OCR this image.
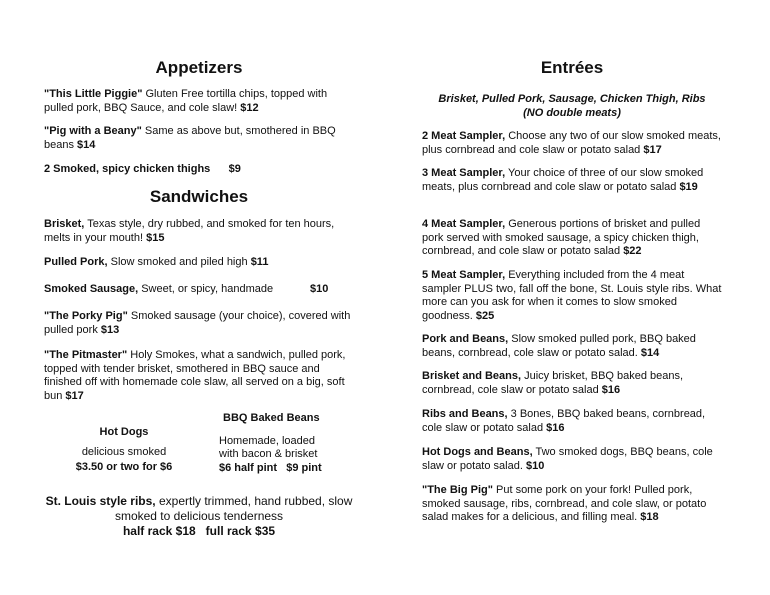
Appetizers
"This Little Piggie" Gluten Free tortilla chips, topped with pulled pork, BBQ Sauce, and cole slaw! $12
"Pig with a Beany" Same as above but, smothered in BBQ beans $14
2 Smoked, spicy chicken thighs $9
Sandwiches
Brisket, Texas style, dry rubbed, and smoked for ten hours, melts in your mouth! $15
Pulled Pork, Slow smoked and piled high $11
Smoked Sausage, Sweet, or spicy, handmade	$10
"The Porky Pig" Smoked sausage (your choice), covered with pulled pork $13
"The Pitmaster" Holy Smokes, what a sandwich, pulled pork, topped with tender brisket, smothered in BBQ sauce and finished off with homemade cole slaw, all served on a big, soft bun $17
Hot Dogs
delicious smoked
$3.50 or two for $6
BBQ Baked Beans
Homemade, loaded
with bacon & brisket
$6 half pint   $9 pint
St. Louis style ribs, expertly trimmed, hand rubbed, slow smoked to delicious tenderness
half rack $18   full rack $35
Entrées
Brisket, Pulled Pork, Sausage, Chicken Thigh, Ribs
(NO double meats)
2 Meat Sampler, Choose any two of our slow smoked meats, plus cornbread and cole slaw or potato salad $17
3 Meat Sampler, Your choice of three of our slow smoked meats, plus cornbread and cole slaw or potato salad $19
4 Meat Sampler, Generous portions of brisket and pulled pork served with smoked sausage, a spicy chicken thigh, cornbread, and cole slaw or potato salad $22
5 Meat Sampler, Everything included from the 4 meat sampler PLUS two, fall off the bone, St. Louis style ribs. What more can you ask for when it comes to slow smoked goodness. $25
Pork and Beans, Slow smoked pulled pork, BBQ baked beans, cornbread, cole slaw or potato salad. $14
Brisket and Beans, Juicy brisket, BBQ baked beans, cornbread, cole slaw or potato salad $16
Ribs and Beans, 3 Bones, BBQ baked beans, cornbread, cole slaw or potato salad $16
Hot Dogs and Beans, Two smoked dogs, BBQ beans, cole slaw or potato salad. $10
"The Big Pig" Put some pork on your fork! Pulled pork, smoked sausage, ribs, cornbread, and cole slaw, or potato salad makes for a delicious, and filling meal. $18
